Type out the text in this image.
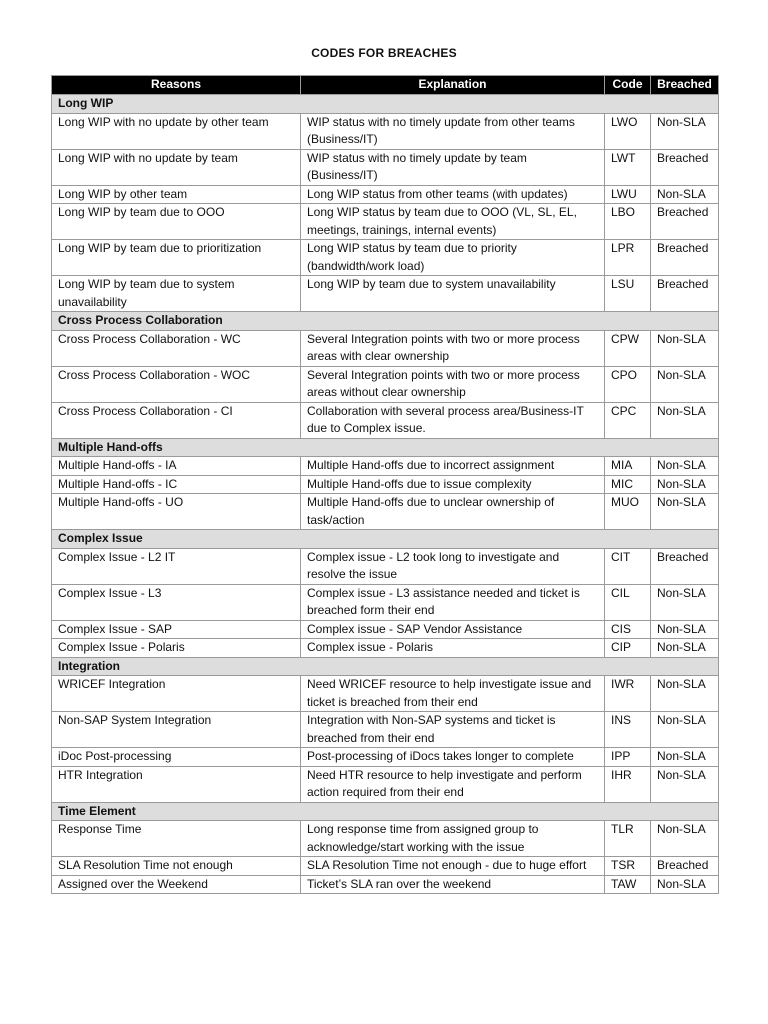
CODES FOR BREACHES
Reasons	Explanation	Code	Breached
Long WIP			
Long WIP with no update by other team	WIP status with no timely update from other teams (Business/IT)	LWO	Non-SLA
Long WIP with no update by team	WIP status with no timely update by team (Business/IT)	LWT	Breached
Long WIP by other team	Long WIP status from other teams (with updates)	LWU	Non-SLA
Long WIP by team due to OOO	Long WIP status by team due to OOO (VL, SL, EL, meetings, trainings, internal events)	LBO	Breached
Long WIP by team due to prioritization	Long WIP status by team due to priority (bandwidth/work load)	LPR	Breached
Long WIP by team due to system unavailability	Long WIP by team due to system unavailability	LSU	Breached
Cross Process Collaboration			
Cross Process Collaboration - WC	Several Integration points with two or more process areas with clear ownership	CPW	Non-SLA
Cross Process Collaboration - WOC	Several Integration points with two or more process areas without clear ownership	CPO	Non-SLA
Cross Process Collaboration - CI	Collaboration with several process area/Business-IT due to Complex issue.	CPC	Non-SLA
Multiple Hand-offs			
Multiple Hand-offs - IA	Multiple Hand-offs due to incorrect assignment	MIA	Non-SLA
Multiple Hand-offs - IC	Multiple Hand-offs due to issue complexity	MIC	Non-SLA
Multiple Hand-offs - UO	Multiple Hand-offs due to unclear ownership of task/action	MUO	Non-SLA
Complex Issue			
Complex Issue - L2 IT	Complex issue - L2 took long to investigate and resolve the issue	CIT	Breached
Complex Issue - L3	Complex issue - L3 assistance needed and ticket is breached form their end	CIL	Non-SLA
Complex Issue - SAP	Complex issue - SAP Vendor Assistance	CIS	Non-SLA
Complex Issue - Polaris	Complex issue - Polaris	CIP	Non-SLA
Integration			
WRICEF Integration	Need WRICEF resource to help investigate issue and ticket is breached from their end	IWR	Non-SLA
Non-SAP System Integration	Integration with Non-SAP systems and ticket is breached from their end	INS	Non-SLA
iDoc Post-processing	Post-processing of iDocs takes longer to complete	IPP	Non-SLA
HTR Integration	Need HTR resource to help investigate and perform action required from their end	IHR	Non-SLA
Time Element			
Response Time	Long response time from assigned group to acknowledge/start working with the issue	TLR	Non-SLA
SLA Resolution Time not enough	SLA Resolution Time not enough - due to huge effort	TSR	Breached
Assigned over the Weekend	Ticket’s SLA ran over the weekend	TAW	Non-SLA
